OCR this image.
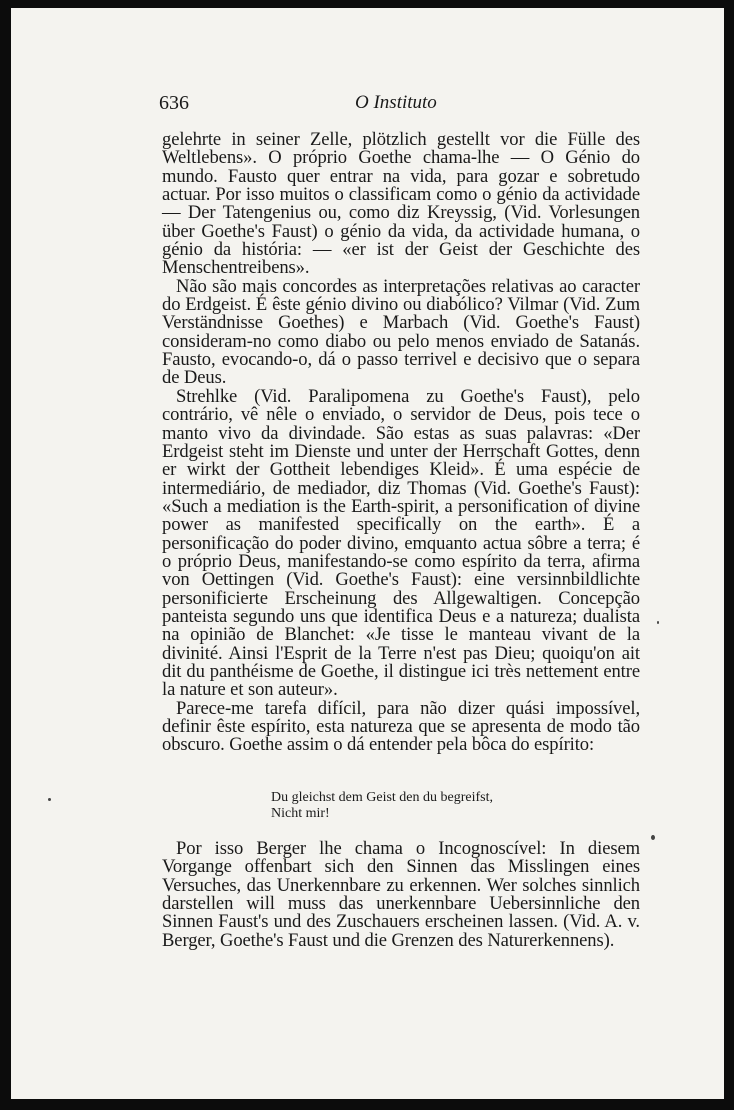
636	O Instituto

gelehrte in seiner Zelle, plötzlich gestellt vor die Fülle des Weltlebens». O próprio Goethe chama-lhe — O Génio do mundo. Fausto quer entrar na vida, para gozar e sobretudo actuar. Por isso muitos o classificam como o génio da actividade — Der Tatengenius ou, como diz Kreyssig, (Vid. Vorlesungen über Goethe's Faust) o génio da vida, da actividade humana, o génio da história: — «er ist der Geist der Geschichte des Menschentreibens».

Não são mais concordes as interpretações relativas ao caracter do Erdgeist. É êste génio divino ou diabólico? Vilmar (Vid. Zum Verständnisse Goethes) e Marbach (Vid. Goethe's Faust) consideram-no como diabo ou pelo menos enviado de Satanás. Fausto, evocando-o, dá o passo terrivel e decisivo que o separa de Deus.

Strehlke (Vid. Paralipomena zu Goethe's Faust), pelo contrário, vê nêle o enviado, o servidor de Deus, pois tece o manto vivo da divindade. São estas as suas palavras: «Der Erdgeist steht im Dienste und unter der Herrschaft Gottes, denn er wirkt der Gottheit lebendiges Kleid». É uma espécie de intermediário, de mediador, diz Thomas (Vid. Goethe's Faust): «Such a mediation is the Earth-spirit, a personification of divine power as manifested specifically on the earth». É a personificação do poder divino, emquanto actua sôbre a terra; é o próprio Deus, manifestando-se como espírito da terra, afirma von Oettingen (Vid. Goethe's Faust): eine versinnbildlichte personificierte Erscheinung des Allgewaltigen. Concepção panteista segundo uns que identifica Deus e a natureza; dualista na opinião de Blanchet: «Je tisse le manteau vivant de la divinité. Ainsi l'Esprit de la Terre n'est pas Dieu; quoiqu'on ait dit du panthéisme de Goethe, il distingue ici très nettement entre la nature et son auteur».

Parece-me tarefa difícil, para não dizer quási impossível, definir êste espírito, esta natureza que se apresenta de modo tão obscuro. Goethe assim o dá entender pela bôca do espírito:

Du gleichst dem Geist den du begreifst,
Nicht mir!

Por isso Berger lhe chama o Incognoscível: In diesem Vorgange offenbart sich den Sinnen das Misslingen eines Versuches, das Unerkennbare zu erkennen. Wer solches sinnlich darstellen will muss das unerkennbare Uebersinnliche den Sinnen Faust's und des Zuschauers erscheinen lassen. (Vid. A. v. Berger, Goethe's Faust und die Grenzen des Naturerkennens).
